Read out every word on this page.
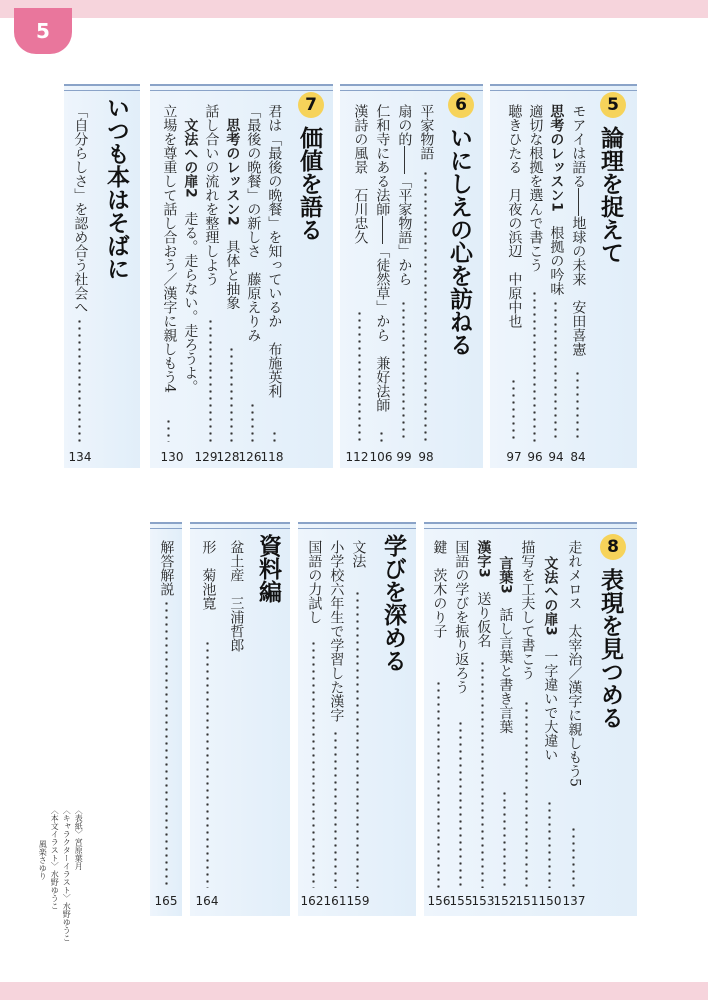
5
5
論理を捉えて
モアイは語る――地球の未来　安田喜憲
思考のレッスン1　根拠の吟味
適切な根拠を選んで書こう
聴きひたる　月夜の浜辺　中原中也
84
94
96
97
6
いにしえの心を訪ねる
平家物語
扇の的――「平家物語」から
仁和寺にある法師――「徒然草」から　兼好法師
漢詩の風景　石川忠久
98
99
106
112
7
価値を語る
君は「最後の晩餐」を知っているか　布施英利
「最後の晩餐」の新しさ　藤原えりみ
思考のレッスン2　具体と抽象
話し合いの流れを整理しよう
文法への扉2　走る。走らない。走ろうよ。
立場を尊重して話し合おう／漢字に親しもう4
118
126
128
129
130
いつも本はそばに
「自分らしさ」を認め合う社会へ
134
8
表現を見つめる
走れメロス　太宰治／漢字に親しもう5
文法への扉3　一字違いで大違い
描写を工夫して書こう
言葉3　話し言葉と書き言葉
漢字3　送り仮名
国語の学びを振り返ろう
鍵　茨木のり子
137
150
151
152
153
155
156
学びを深める
文法
小学校六年生で学習した漢字
国語の力試し
159
161
162
資料編
盆土産　三浦哲郎
形　菊池寛
164
解答解説
165
〈表紙〉宮原葉月
〈キャラクターイラスト〉水野ゆうこ
〈本文イラスト〉水野ゆうこ
風楽さゆり
